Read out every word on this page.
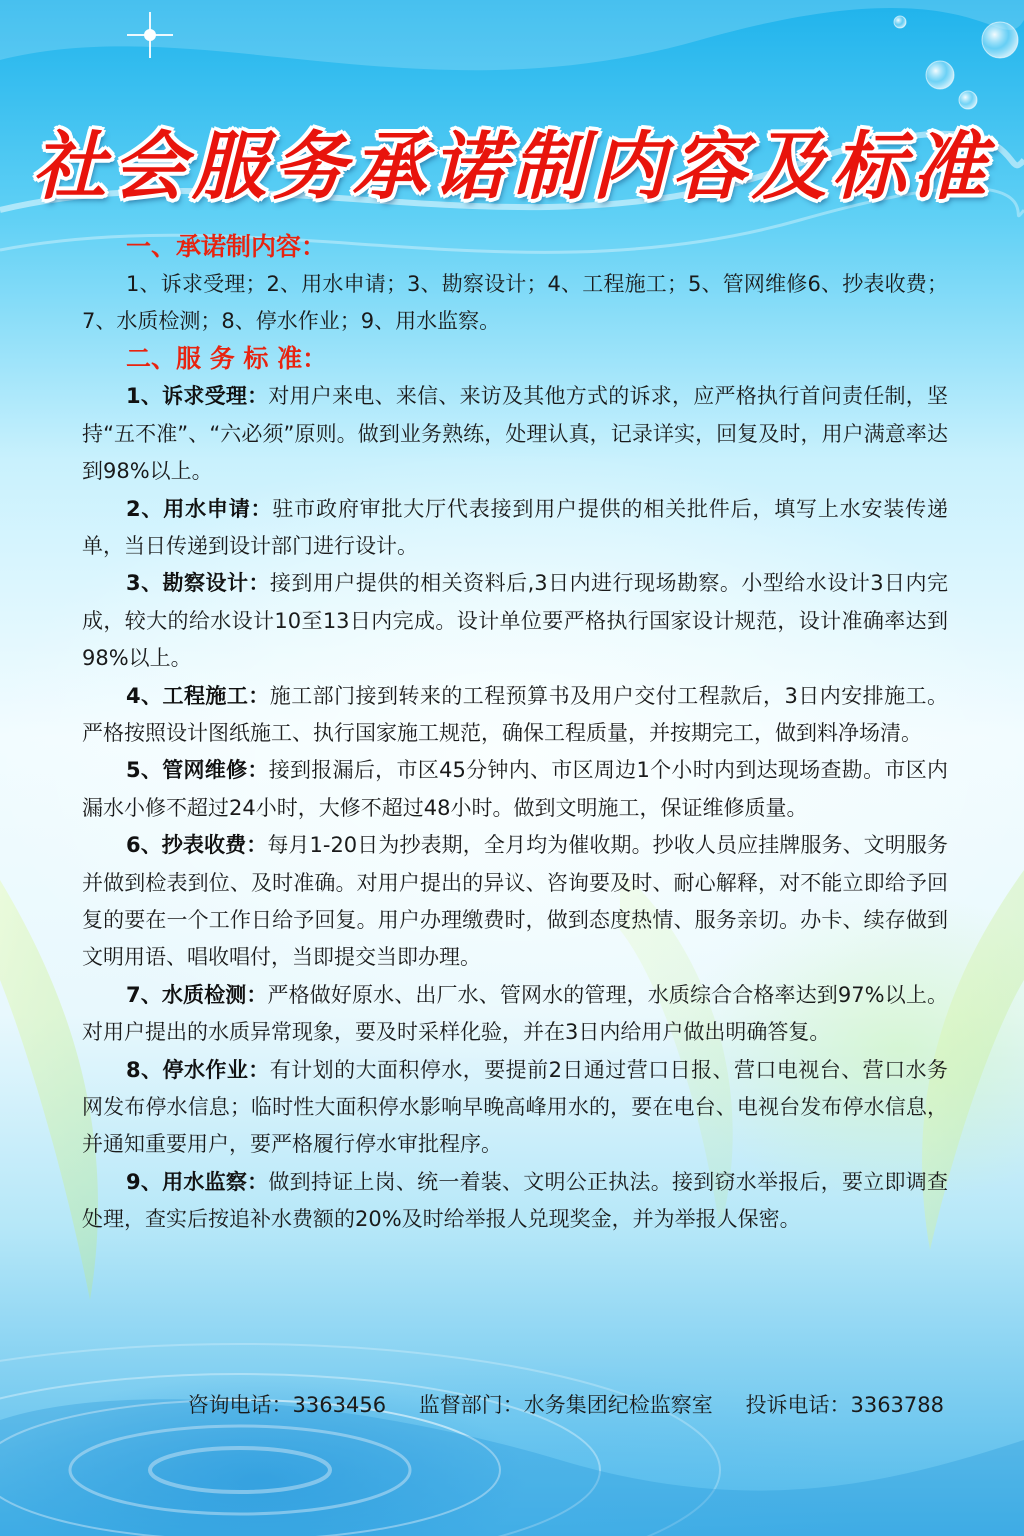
社会服务承诺制内容及标准

一、承诺制内容：

1、诉求受理；2、用水申请；3、勘察设计；4、工程施工；5、管网维修6、抄表收费；7、水质检测；8、停水作业；9、用水监察。

二、服 务 标 准：

1、诉求受理：对用户来电、来信、来访及其他方式的诉求，应严格执行首问责任制，坚持“五不准”、“六必须”原则。做到业务熟练，处理认真，记录详实，回复及时，用户满意率达到98%以上。

2、用水申请：驻市政府审批大厅代表接到用户提供的相关批件后，填写上水安装传递单，当日传递到设计部门进行设计。

3、勘察设计：接到用户提供的相关资料后,3日内进行现场勘察。小型给水设计3日内完成，较大的给水设计10至13日内完成。设计单位要严格执行国家设计规范，设计准确率达到98%以上。

4、工程施工：施工部门接到转来的工程预算书及用户交付工程款后，3日内安排施工。严格按照设计图纸施工、执行国家施工规范，确保工程质量，并按期完工，做到料净场清。

5、管网维修：接到报漏后，市区45分钟内、市区周边1个小时内到达现场查勘。市区内漏水小修不超过24小时，大修不超过48小时。做到文明施工，保证维修质量。

6、抄表收费：每月1-20日为抄表期，全月均为催收期。抄收人员应挂牌服务、文明服务并做到检表到位、及时准确。对用户提出的异议、咨询要及时、耐心解释，对不能立即给予回复的要在一个工作日给予回复。用户办理缴费时，做到态度热情、服务亲切。办卡、续存做到文明用语、唱收唱付，当即提交当即办理。

7、水质检测：严格做好原水、出厂水、管网水的管理，水质综合合格率达到97%以上。对用户提出的水质异常现象，要及时采样化验，并在3日内给用户做出明确答复。

8、停水作业：有计划的大面积停水，要提前2日通过营口日报、营口电视台、营口水务网发布停水信息；临时性大面积停水影响早晚高峰用水的，要在电台、电视台发布停水信息，并通知重要用户，要严格履行停水审批程序。

9、用水监察：做到持证上岗、统一着装、文明公正执法。接到窃水举报后，要立即调查处理，查实后按追补水费额的20%及时给举报人兑现奖金，并为举报人保密。

咨询电话：3363456 监督部门：水务集团纪检监察室 投诉电话：3363788
